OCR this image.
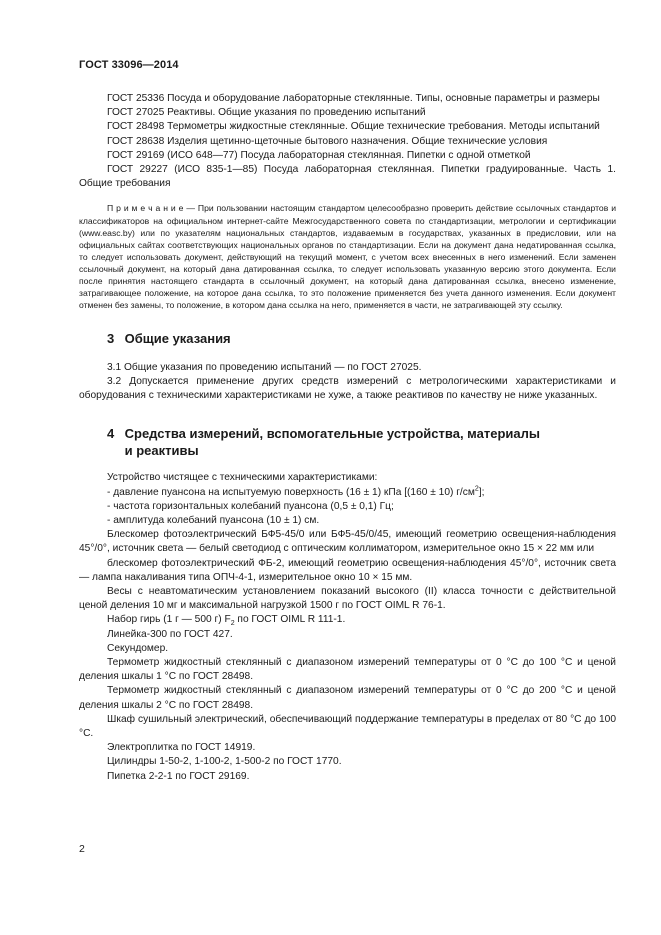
ГОСТ 33096—2014

ГОСТ 25336 Посуда и оборудование лабораторные стеклянные. Типы, основные параметры и размеры

ГОСТ 27025 Реактивы. Общие указания по проведению испытаний

ГОСТ 28498 Термометры жидкостные стеклянные. Общие технические требования. Методы испытаний

ГОСТ 28638 Изделия щетинно-щеточные бытового назначения. Общие технические условия

ГОСТ 29169 (ИСО 648—77) Посуда лабораторная стеклянная. Пипетки с одной отметкой

ГОСТ 29227 (ИСО 835-1—85) Посуда лабораторная стеклянная. Пипетки градуированные. Часть 1. Общие требования

П р и м е ч а н и е — При пользовании настоящим стандартом целесообразно проверить действие ссылочных стандартов и классификаторов на официальном интернет-сайте Межгосударственного совета по стандартизации, метрологии и сертификации (www.easc.by) или по указателям национальных стандартов, издаваемым в государствах, указанных в предисловии, или на официальных сайтах соответствующих национальных органов по стандартизации. Если на документ дана недатированная ссылка, то следует использовать документ, действующий на текущий момент, с учетом всех внесенных в него изменений. Если заменен ссылочный документ, на который дана датированная ссылка, то следует использовать указанную версию этого документа. Если после принятия настоящего стандарта в ссылочный документ, на который дана датированная ссылка, внесено изменение, затрагивающее положение, на которое дана ссылка, то это положение применяется без учета данного изменения. Если документ отменен без замены, то положение, в котором дана ссылка на него, применяется в части, не затрагивающей эту ссылку.

3 Общие указания

3.1 Общие указания по проведению испытаний — по ГОСТ 27025.

3.2 Допускается применение других средств измерений с метрологическими характеристиками и оборудования с техническими характеристиками не хуже, а также реактивов по качеству не ниже указанных.

4 Средства измерений, вспомогательные устройства, материалы
и реактивы

Устройство чистящее с техническими характеристиками:

- давление пуансона на испытуемую поверхность (16 ± 1) кПа [(160 ± 10) $г/см^2$];

- частота горизонтальных колебаний пуансона (0,5 ± 0,1) Гц;

- амплитуда колебаний пуансона (10 ± 1) см.

Блескомер фотоэлектрический БФ5-45/0 или БФ5-45/0/45, имеющий геометрию освещения-наблюдения 45°/0°, источник света — белый светодиод с оптическим коллиматором, измерительное окно 15 × 22 мм или

блескомер фотоэлектрический ФБ-2, имеющий геометрию освещения-наблюдения 45°/0°, источник света — лампа накаливания типа ОПЧ-4-1, измерительное окно 10 × 15 мм.

Весы с неавтоматическим установлением показаний высокого (II) класса точности с действительной ценой деления 10 мг и максимальной нагрузкой 1500 г по ГОСТ OIML R 76-1.

Набор гирь (1 г — 500 г) $F_2$ по ГОСТ OIML R 111-1.

Линейка-300 по ГОСТ 427.

Секундомер.

Термометр жидкостный стеклянный с диапазоном измерений температуры от 0 °С до 100 °С и ценой деления шкалы 1 °С по ГОСТ 28498.

Термометр жидкостный стеклянный с диапазоном измерений температуры от 0 °С до 200 °С и ценой деления шкалы 2 °С по ГОСТ 28498.

Шкаф сушильный электрический, обеспечивающий поддержание температуры в пределах от 80 °С до 100 °С.

Электроплитка по ГОСТ 14919.

Цилиндры 1-50-2, 1-100-2, 1-500-2 по ГОСТ 1770.

Пипетка 2-2-1 по ГОСТ 29169.

2
